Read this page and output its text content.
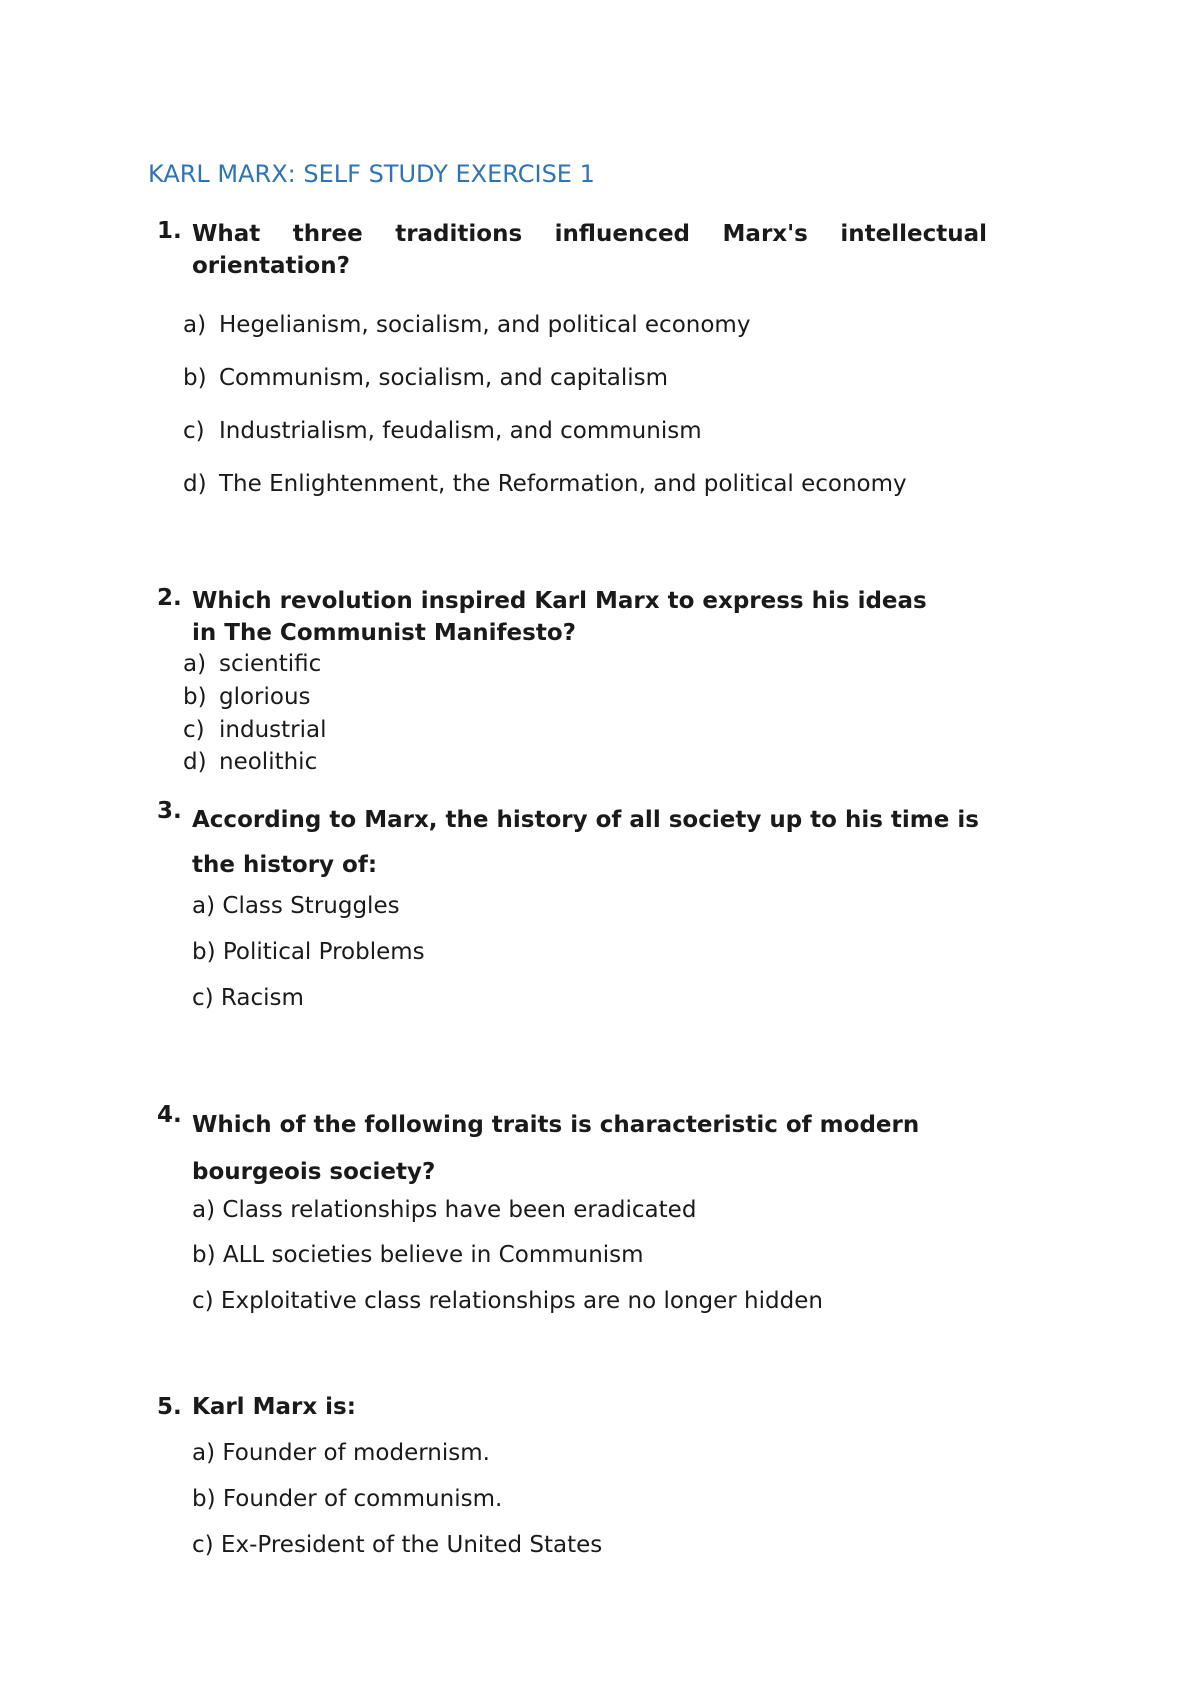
KARL MARX: SELF STUDY EXERCISE 1
1. What three traditions influenced Marx's intellectual
orientation?
a) Hegelianism, socialism, and political economy
b) Communism, socialism, and capitalism
c) Industrialism, feudalism, and communism
d) The Enlightenment, the Reformation, and political economy
2. Which revolution inspired Karl Marx to express his ideas
in The Communist Manifesto?
a) scientific
b) glorious
c) industrial
d) neolithic
3. According to Marx, the history of all society up to his time is
the history of:
a) Class Struggles
b) Political Problems
c) Racism
4. Which of the following traits is characteristic of modern
bourgeois society?
a) Class relationships have been eradicated
b) ALL societies believe in Communism
c) Exploitative class relationships are no longer hidden
5. Karl Marx is:
a) Founder of modernism.
b) Founder of communism.
c) Ex-President of the United States
